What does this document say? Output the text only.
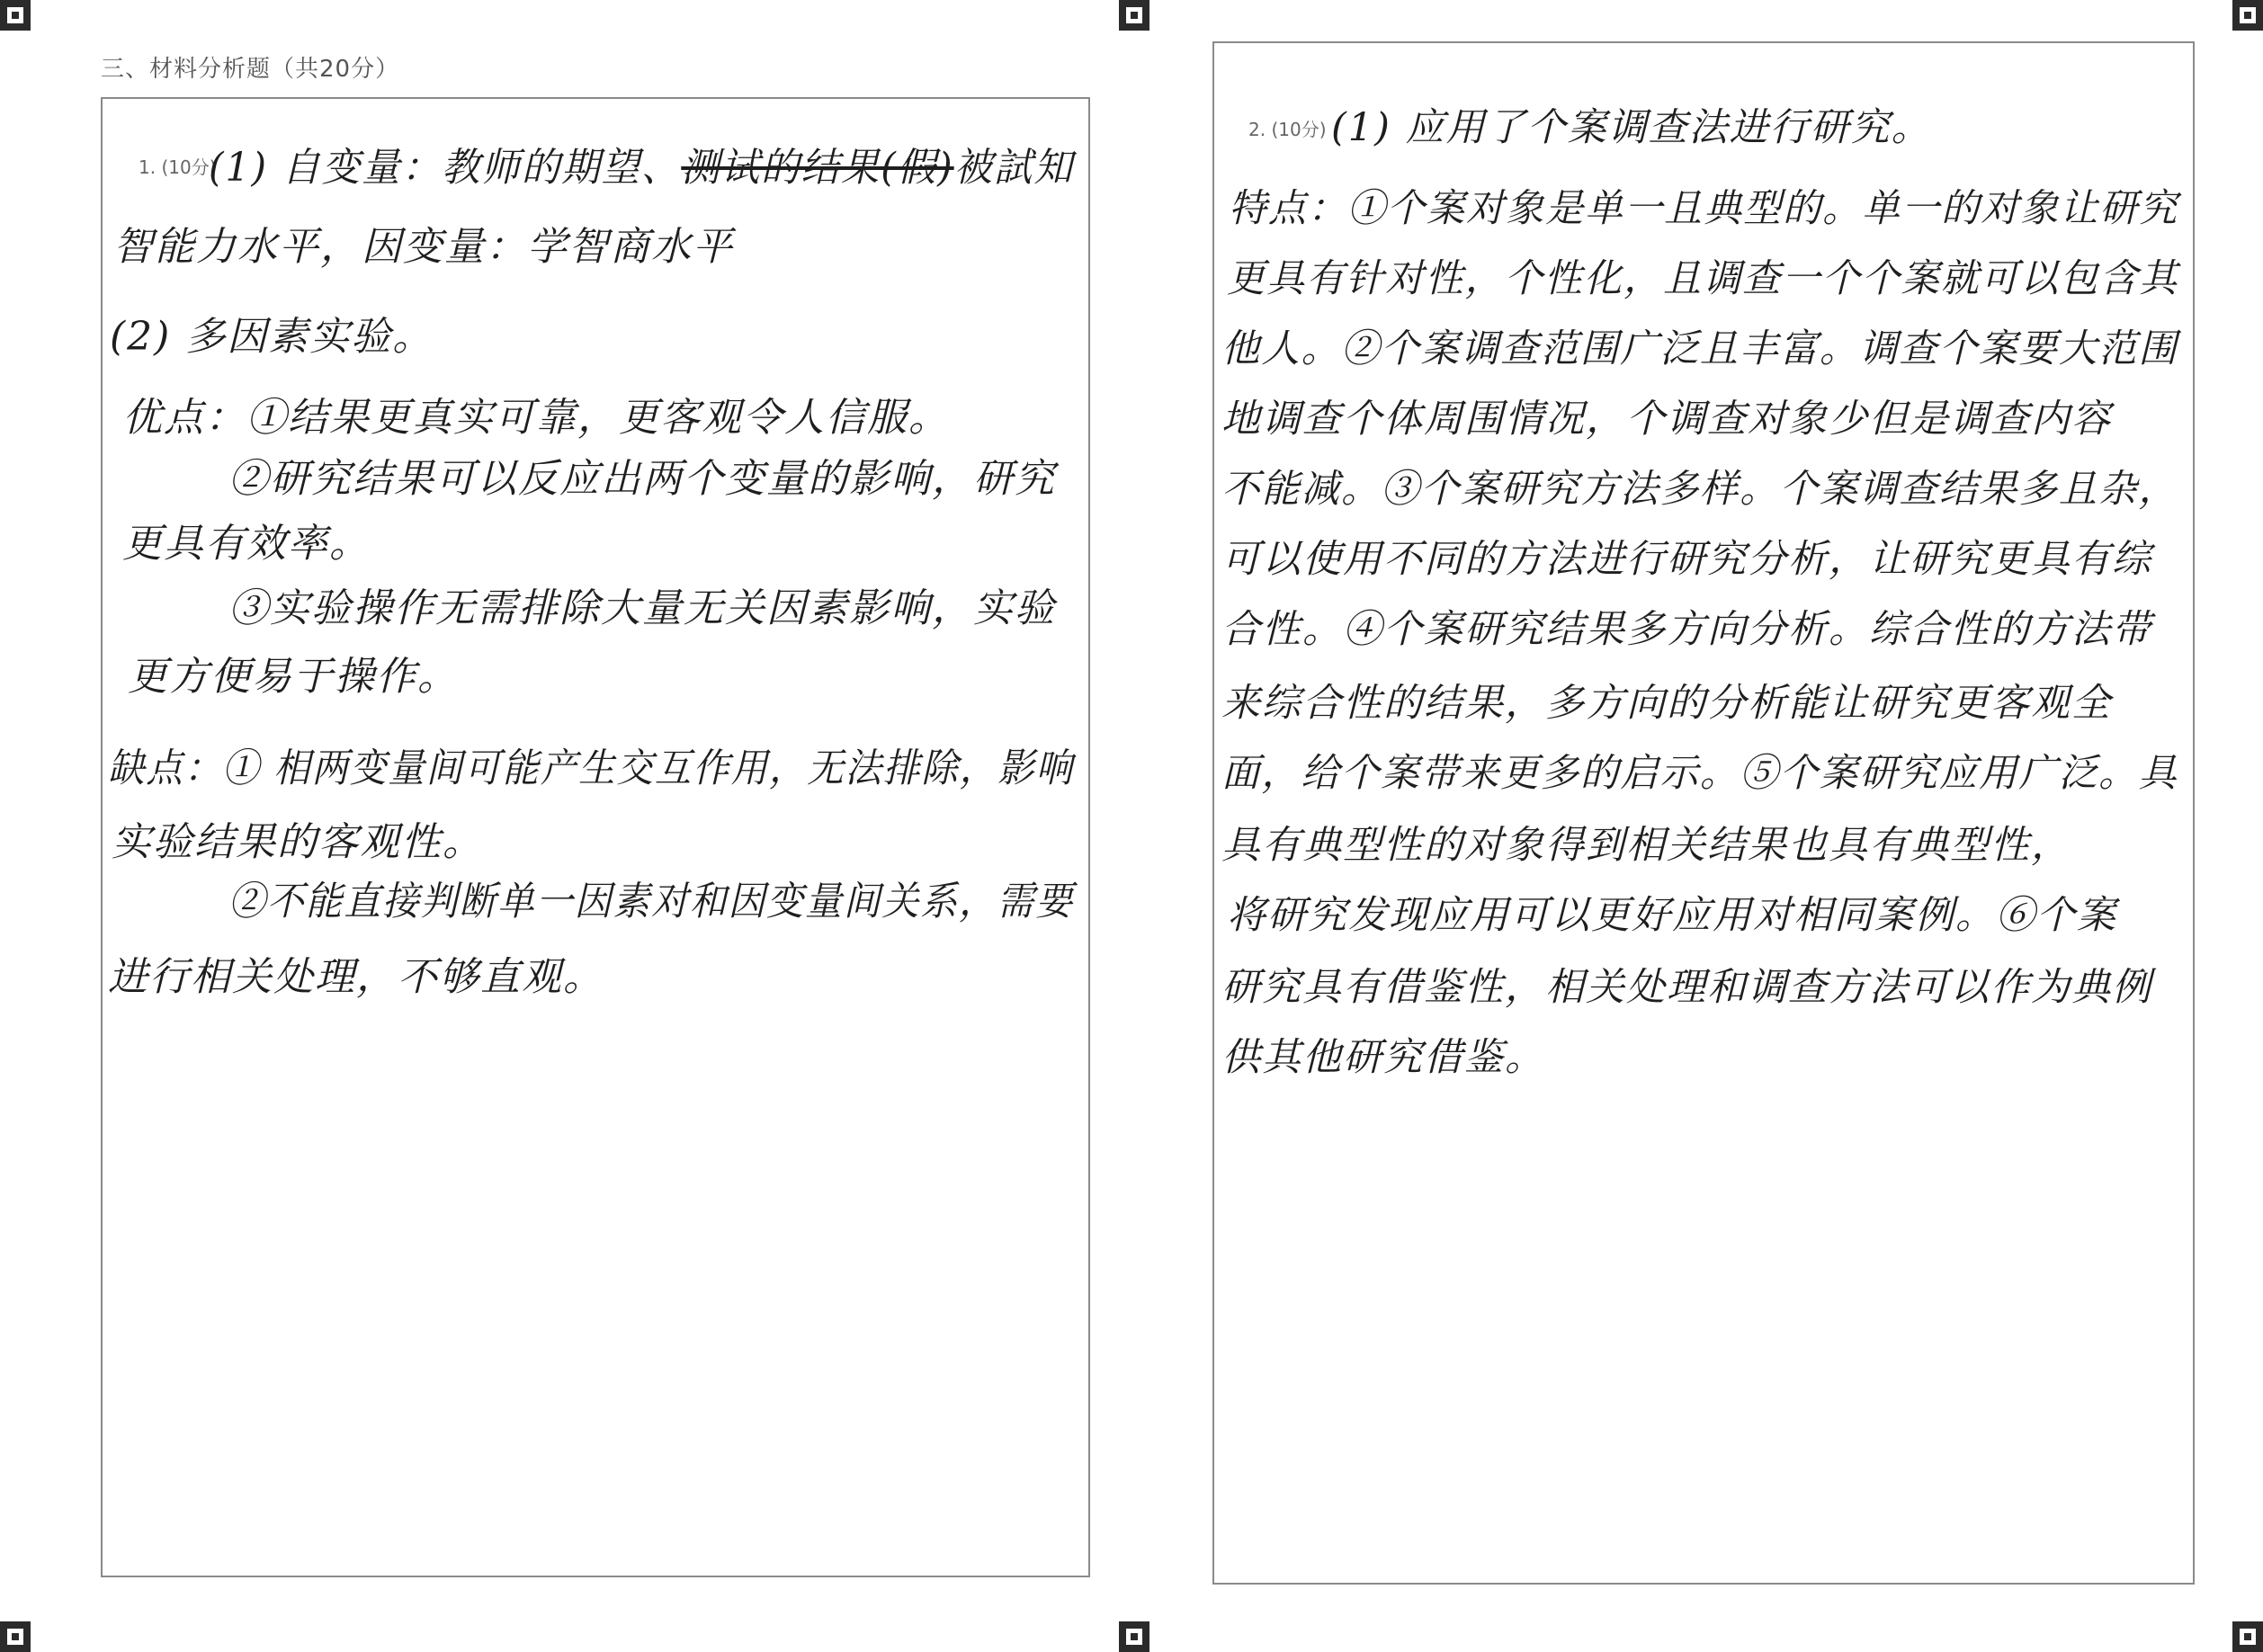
三、材料分析题（共20分）
1. (10分)
(1) 自变量：教师的期望、测试的结果(假)被試知
智能力水平，因变量：学智商水平
(2) 多因素实验。
优点：①结果更真实可靠，更客观令人信服。
②研究结果可以反应出两个变量的影响，研究
更具有效率。
③实验操作无需排除大量无关因素影响，实验
更方便易于操作。
缺点：① 相两变量间可能产生交互作用，无法排除，影响
实验结果的客观性。
②不能直接判断单一因素对和因变量间关系，需要
进行相关处理，不够直观。
2. (10分) (1) 应用了个案调查法进行研究。
特点：①个案对象是单一且典型的。单一的对象让研究
更具有针对性，个性化，且调查一个个案就可以包含其
他人。②个案调查范围广泛且丰富。调查个案要大范围
地调查个体周围情况，个调查对象少但是调查内容
不能减。③个案研究方法多样。个案调查结果多且杂，
可以使用不同的方法进行研究分析，让研究更具有综
合性。④个案研究结果多方向分析。综合性的方法带
来综合性的结果，多方向的分析能让研究更客观全
面，给个案带来更多的启示。⑤个案研究应用广泛。具
具有典型性的对象得到相关结果也具有典型性，
将研究发现应用可以更好应用对相同案例。⑥个案
研究具有借鉴性，相关处理和调查方法可以作为典例
供其他研究借鉴。
